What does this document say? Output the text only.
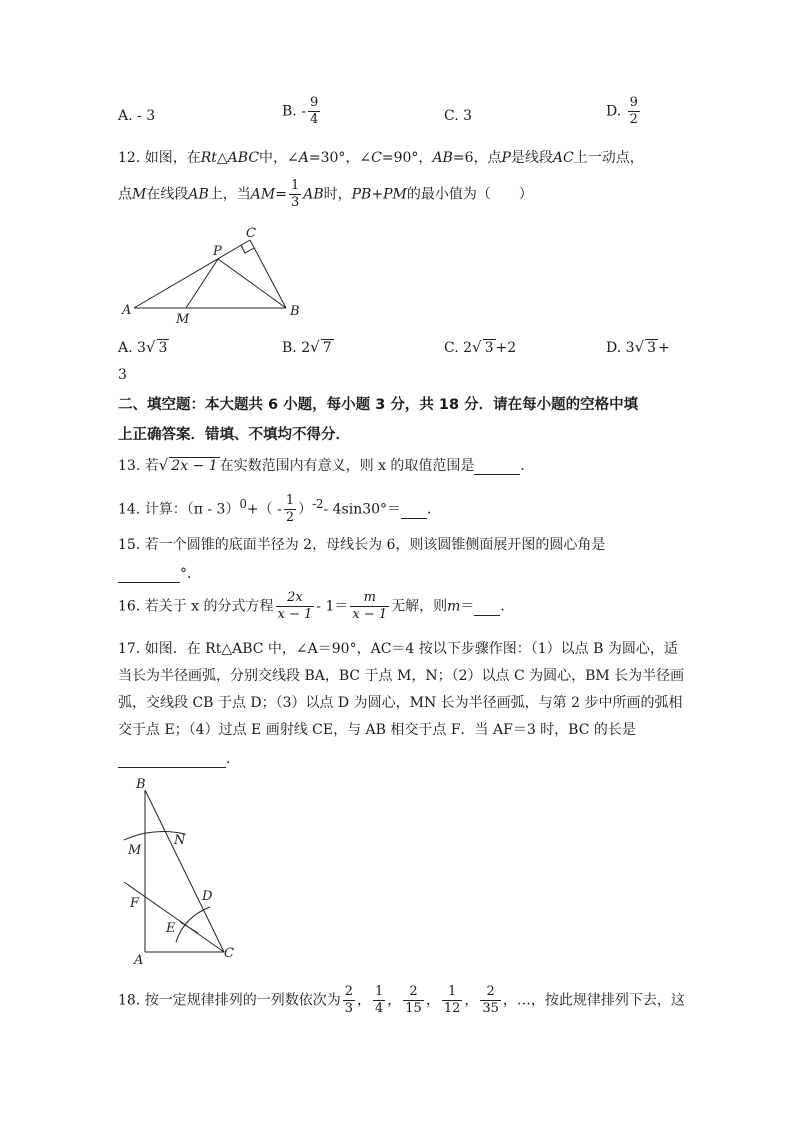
A. - 3	B. - $\frac{9}{4}$	C. 3	D. $\frac{9}{2}$
12. 如图，在Rt△ABC中，∠A=30°，∠C=90°，AB=6，点P是线段AC上一动点，
点M在线段AB上，当$AM= \frac{1}{3}$ AB时，PB+PM的最小值为（　　）
A	B
C
P
M
A. 3√ 3	B. 2√ 7	C. 2√ 3 +2	D. 3√ 3 +
3
二、填空题：本大题共 6 小题，每小题 3 分，共 18 分．请在每小题的空格中填
上正确答案．错填、不填均不得分．
13. 若√ 2x − 1 在实数范围内有意义，则 x 的取值范围是	．
14. 计算：$(\pi - 3)^0+( - \frac{1}{2} )^{-2}-$ 4sin30°＝ ．
15. 若一个圆锥的底面半径为 2，母线长为 6，则该圆锥侧面展开图的圆心角是
°．
16. 若关于 x 的分式方程 $\frac{2x}{x - 1} - 1= \frac{m}{x - 1}$ 无解，则m＝ ．
17. 如图．在 Rt△ABC 中，∠A＝90°，AC＝4 按以下步骤作图：（1）以点 B 为圆心，适
当长为半径画弧，分别交线段 BA，BC 于点 M，N；（2）以点 C 为圆心，BM 长为半径画
弧，交线段 CB 于点 D；（3）以点 D 为圆心，MN 长为半径画弧，与第 2 步中所画的弧相
交于点 E；（4）过点 E 画射线 CE，与 AB 相交于点 F．当 AF＝3 时，BC 的长是
．
B
N
M
F	D
E
A	C
18. 按一定规律排列的一列数依次为 $\frac{2}{3}$ ， $\frac{1}{4}$ ， $\frac{2}{15}$ ， $\frac{1}{12}$ ， $\frac{2}{35}$ ，…，按此规律排列下去，这
